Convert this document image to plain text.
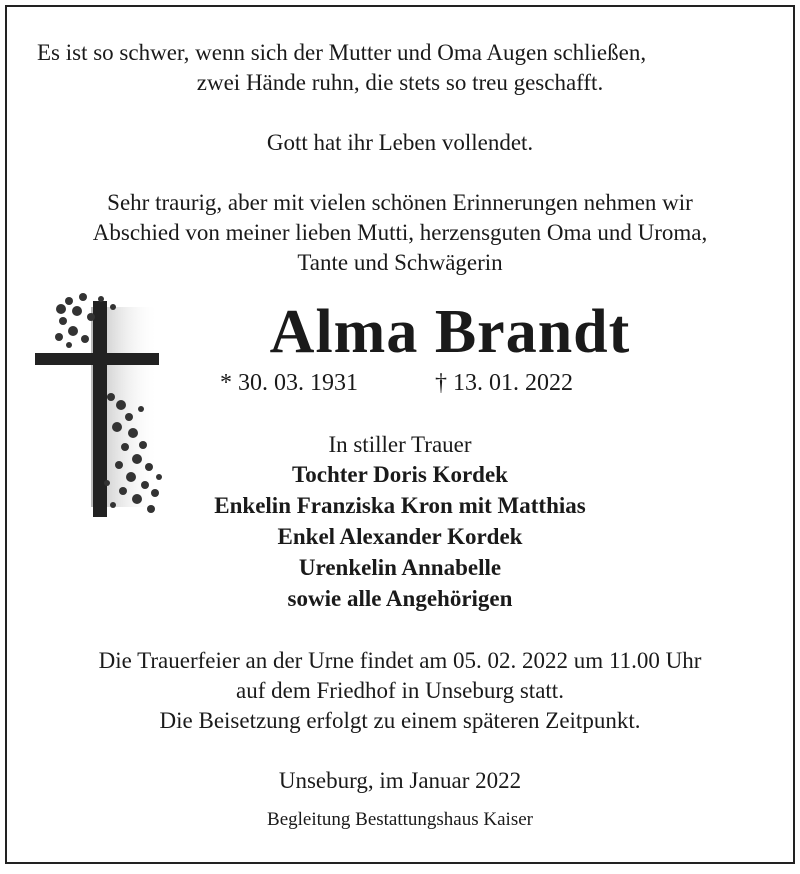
Es ist so schwer, wenn sich der Mutter und Oma Augen schließen,
zwei Hände ruhn, die stets so treu geschafft.
Gott hat ihr Leben vollendet.
Sehr traurig, aber mit vielen schönen Erinnerungen nehmen wir
Abschied von meiner lieben Mutti, herzensguten Oma und Uroma,
Tante und Schwägerin
Alma Brandt
* 30. 03. 1931	† 13. 01. 2022
In stiller Trauer
Tochter Doris Kordek
Enkelin Franziska Kron mit Matthias
Enkel Alexander Kordek
Urenkelin Annabelle
sowie alle Angehörigen
Die Trauerfeier an der Urne findet am 05. 02. 2022 um 11.00 Uhr
auf dem Friedhof in Unseburg statt.
Die Beisetzung erfolgt zu einem späteren Zeitpunkt.
Unseburg, im Januar 2022
Begleitung Bestattungshaus Kaiser
